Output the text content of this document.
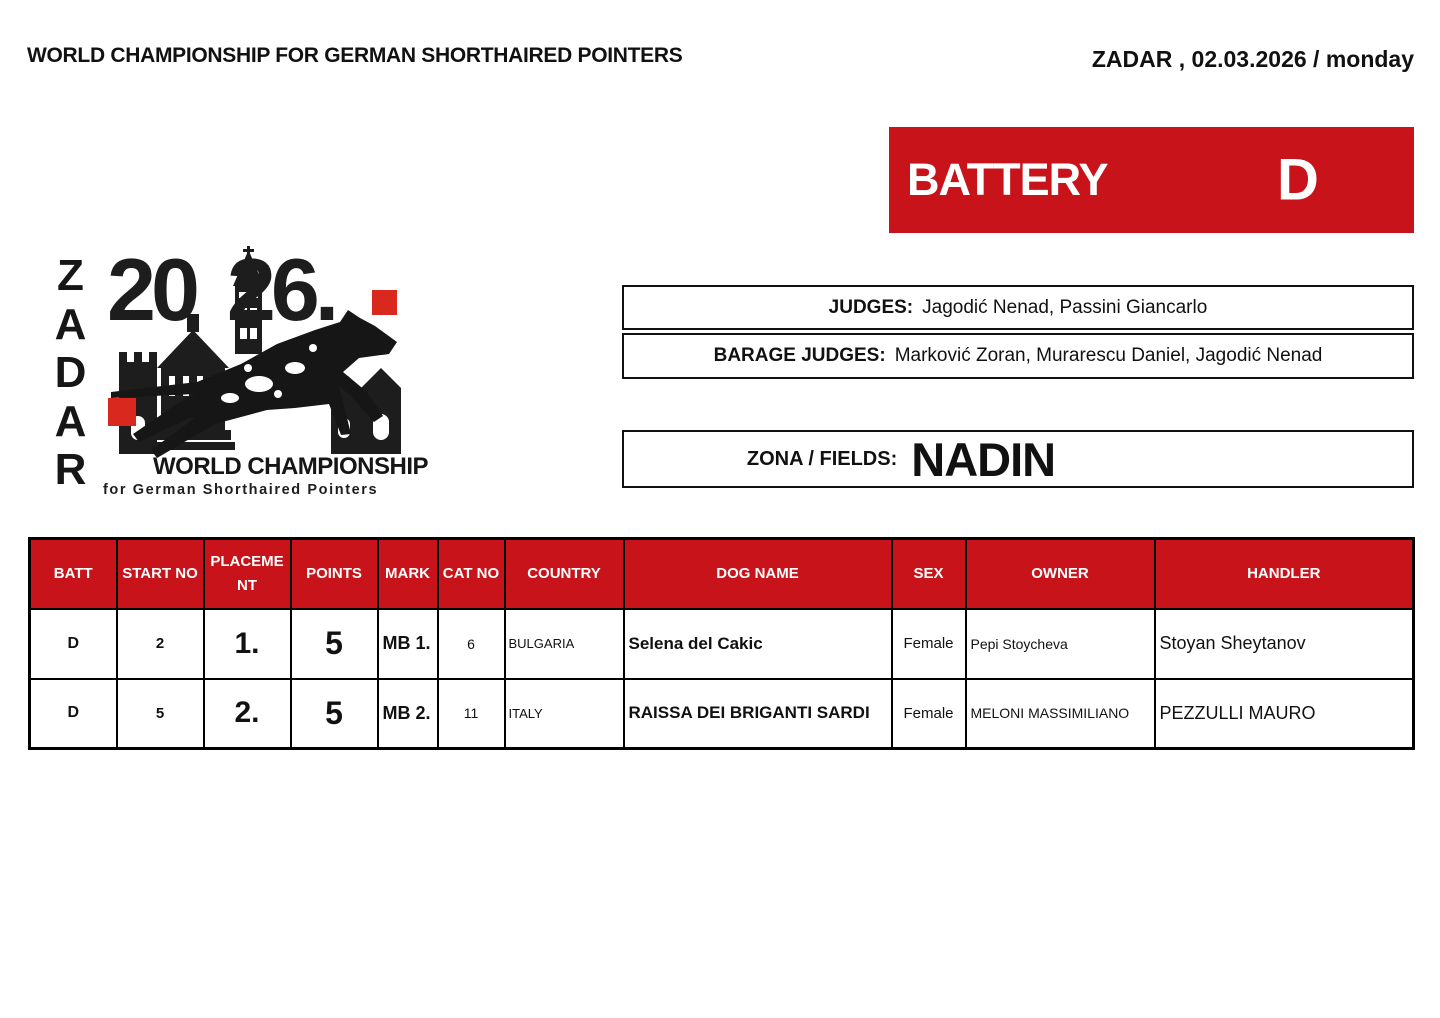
WORLD CHAMPIONSHIP FOR GERMAN SHORTHAIRED POINTERS	ZADAR , 02.03.2026 / monday
BATTERY	D
Z
A
D
A
R
20 26.
WORLD CHAMPIONSHIP
for German Shorthaired Pointers
JUDGES: Jagodić Nenad, Passini Giancarlo
BARAGE JUDGES: Marković Zoran, Murarescu Daniel, Jagodić Nenad
ZONA / FIELDS: NADIN
BATT	START NO	PLACEMENT	POINTS	MARK	CAT NO	COUNTRY	DOG NAME	SEX	OWNER	HANDLER
D	2	1.	5	MB 1.	6	BULGARIA	Selena del Cakic	Female	Pepi Stoycheva	Stoyan Sheytanov
D	5	2.	5	MB 2.	11	ITALY	RAISSA DEI BRIGANTI SARDI	Female	MELONI MASSIMILIANO	PEZZULLI MAURO
